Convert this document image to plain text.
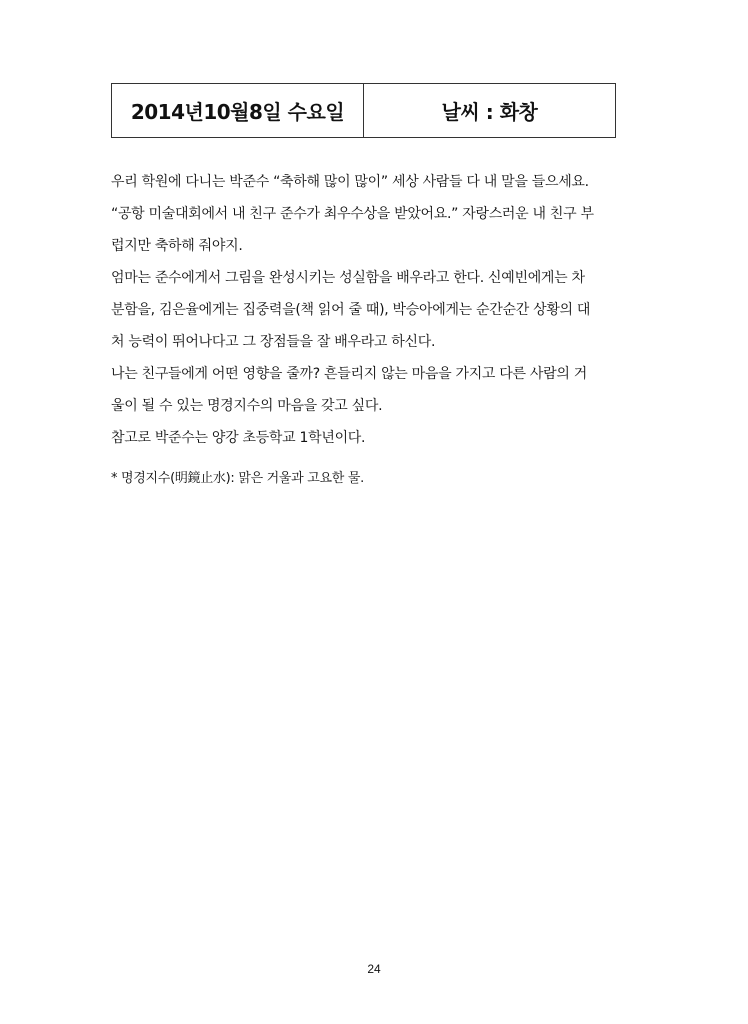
2014년10월8일 수요일	날씨 : 화창
우리 학원에 다니는 박준수 “축하해 많이 많이” 세상 사람들 다 내 말을 들으세요.
“공항 미술대회에서 내 친구 준수가 최우수상을 받았어요.” 자랑스러운 내 친구 부
럽지만 축하해 줘야지.
엄마는 준수에게서 그림을 완성시키는 성실함을 배우라고 한다. 신예빈에게는 차
분함을, 김은율에게는 집중력을(책 읽어 줄 때), 박승아에게는 순간순간 상황의 대
처 능력이 뛰어나다고 그 장점들을 잘 배우라고 하신다.
나는 친구들에게 어떤 영향을 줄까? 흔들리지 않는 마음을 가지고 다른 사람의 거
울이 될 수 있는 명경지수의 마음을 갖고 싶다.
참고로 박준수는 양강 초등학교 1학년이다.
* 명경지수(明鏡止水): 맑은 거울과 고요한 물.
24
